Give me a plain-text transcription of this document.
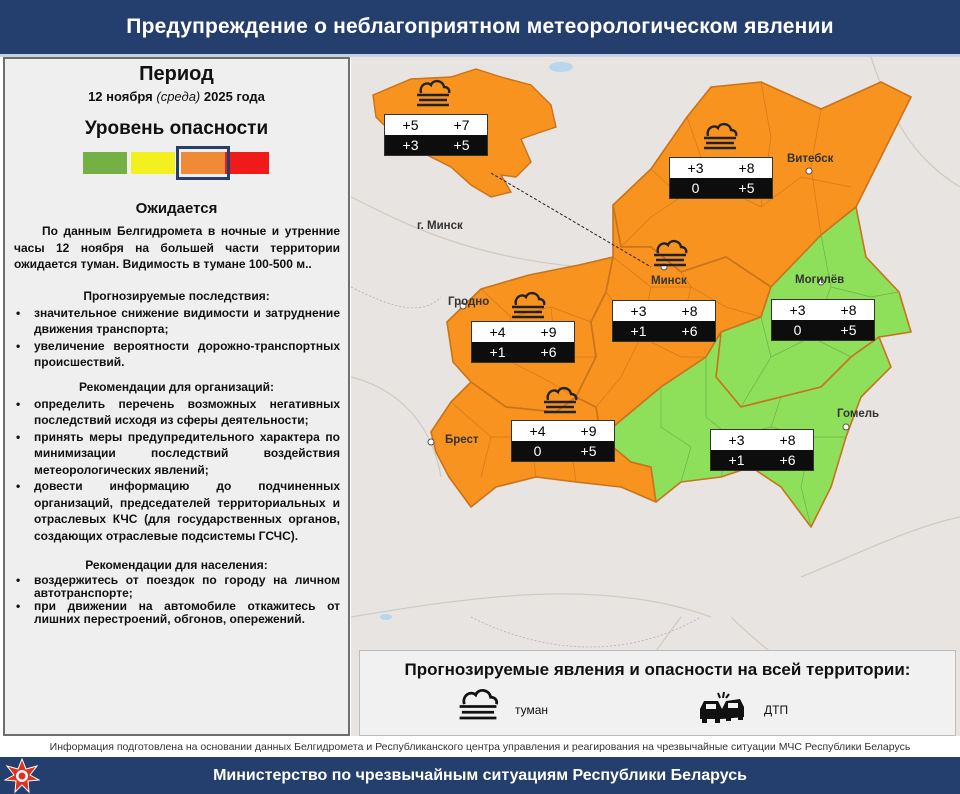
Предупреждение о неблагоприятном метеорологическом явлении
Период
12 ноября (среда) 2025 года
Уровень опасности
Ожидается
По данным Белгидромета в ночные и утренние часы 12 ноября на большей части территории ожидается туман. Видимость в тумане 100-500 м..
Прогнозируемые последствия:
• значительное снижение видимости и затруднение движения транспорта;
• увеличение вероятности дорожно-транспортных происшествий.
Рекомендации для организаций:
• определить перечень возможных негативных последствий исходя из сферы деятельности;
• принять меры предупредительного характера по минимизации последствий воздействия метеорологических явлений;
• довести информацию до подчиненных организаций, председателей территориальных и отраслевых КЧС (для государственных органов, создающих отраслевые подсистемы ГСЧС).
Рекомендации для населения:
• воздержитесь от поездок по городу на личном автотранспорте;
• при движении на автомобиле откажитесь от лишних перестроений, обгонов, опережений.
Витебск
Минск
г. Минск
Могилёв
Гродно
Брест
Гомель
+5	+7
+3	+5
+3	+8
0	+5
+3	+8
+1	+6
+3	+8
0	+5
+4	+9
+1	+6
+4	+9
0	+5
+3	+8
+1	+6
Прогнозируемые явления и опасности на всей территории:
туман	ДТП
Информация подготовлена на основании данных Белгидромета и Республиканского центра управления и реагирования на чрезвычайные ситуации МЧС Республики Беларусь
Министерство по чрезвычайным ситуациям Республики Беларусь
